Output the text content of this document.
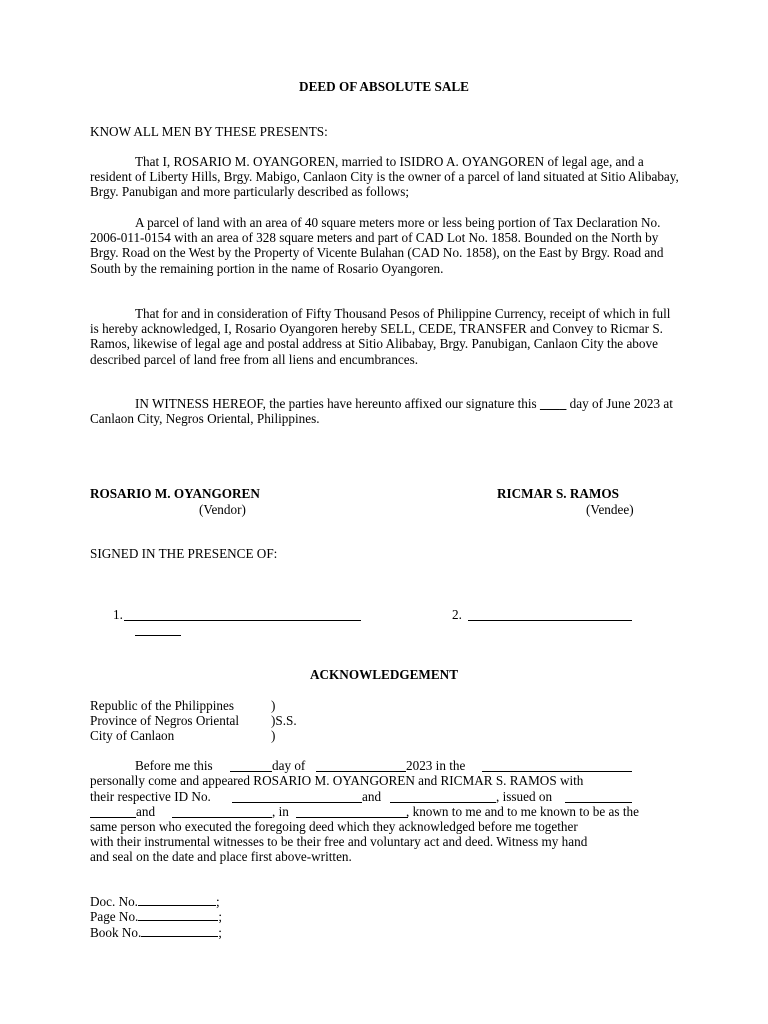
DEED OF ABSOLUTE SALE
KNOW ALL MEN BY THESE PRESENTS:
That I, ROSARIO M. OYANGOREN, married to ISIDRO A. OYANGOREN of legal age, and a resident of Liberty Hills, Brgy. Mabigo, Canlaon City is the owner of a parcel of land situated at Sitio Alibabay, Brgy. Panubigan and more particularly described as follows;
A parcel of land with an area of 40 square meters more or less being portion of Tax Declaration No. 2006-011-0154 with an area of 328 square meters and part of CAD Lot No. 1858. Bounded on the North by Brgy. Road on the West by the Property of Vicente Bulahan (CAD No. 1858), on the East by Brgy. Road and South by the remaining portion in the name of Rosario Oyangoren.
That for and in consideration of Fifty Thousand Pesos of Philippine Currency, receipt of which in full is hereby acknowledged, I, Rosario Oyangoren hereby SELL, CEDE, TRANSFER and Convey to Ricmar S. Ramos, likewise of legal age and postal address at Sitio Alibabay, Brgy. Panubigan, Canlaon City the above described parcel of land free from all liens and encumbrances.
IN WITNESS HEREOF, the parties have hereunto affixed our signature this ____ day of June 2023 at Canlaon City, Negros Oriental, Philippines.
ROSARIO M. OYANGOREN
(Vendor)
RICMAR S. RAMOS
(Vendee)
SIGNED IN THE PRESENCE OF:
1.	2.
ACKNOWLEDGEMENT
Republic of the Philippines
Province of Negros Oriental
City of Canlaon
)
)S.S.
)
Before me this	day of	2023 in the
personally come and appeared ROSARIO M. OYANGOREN and RICMAR S. RAMOS with
their respective ID No.	and	, issued on
and	, in	, known to me and to me known to be as the
same person who executed the foregoing deed which they acknowledged before me together
with their instrumental witnesses to be their free and voluntary act and deed. Witness my hand
and seal on the date and place first above-written.
Doc. No.	;
Page No.	;
Book No.	;
